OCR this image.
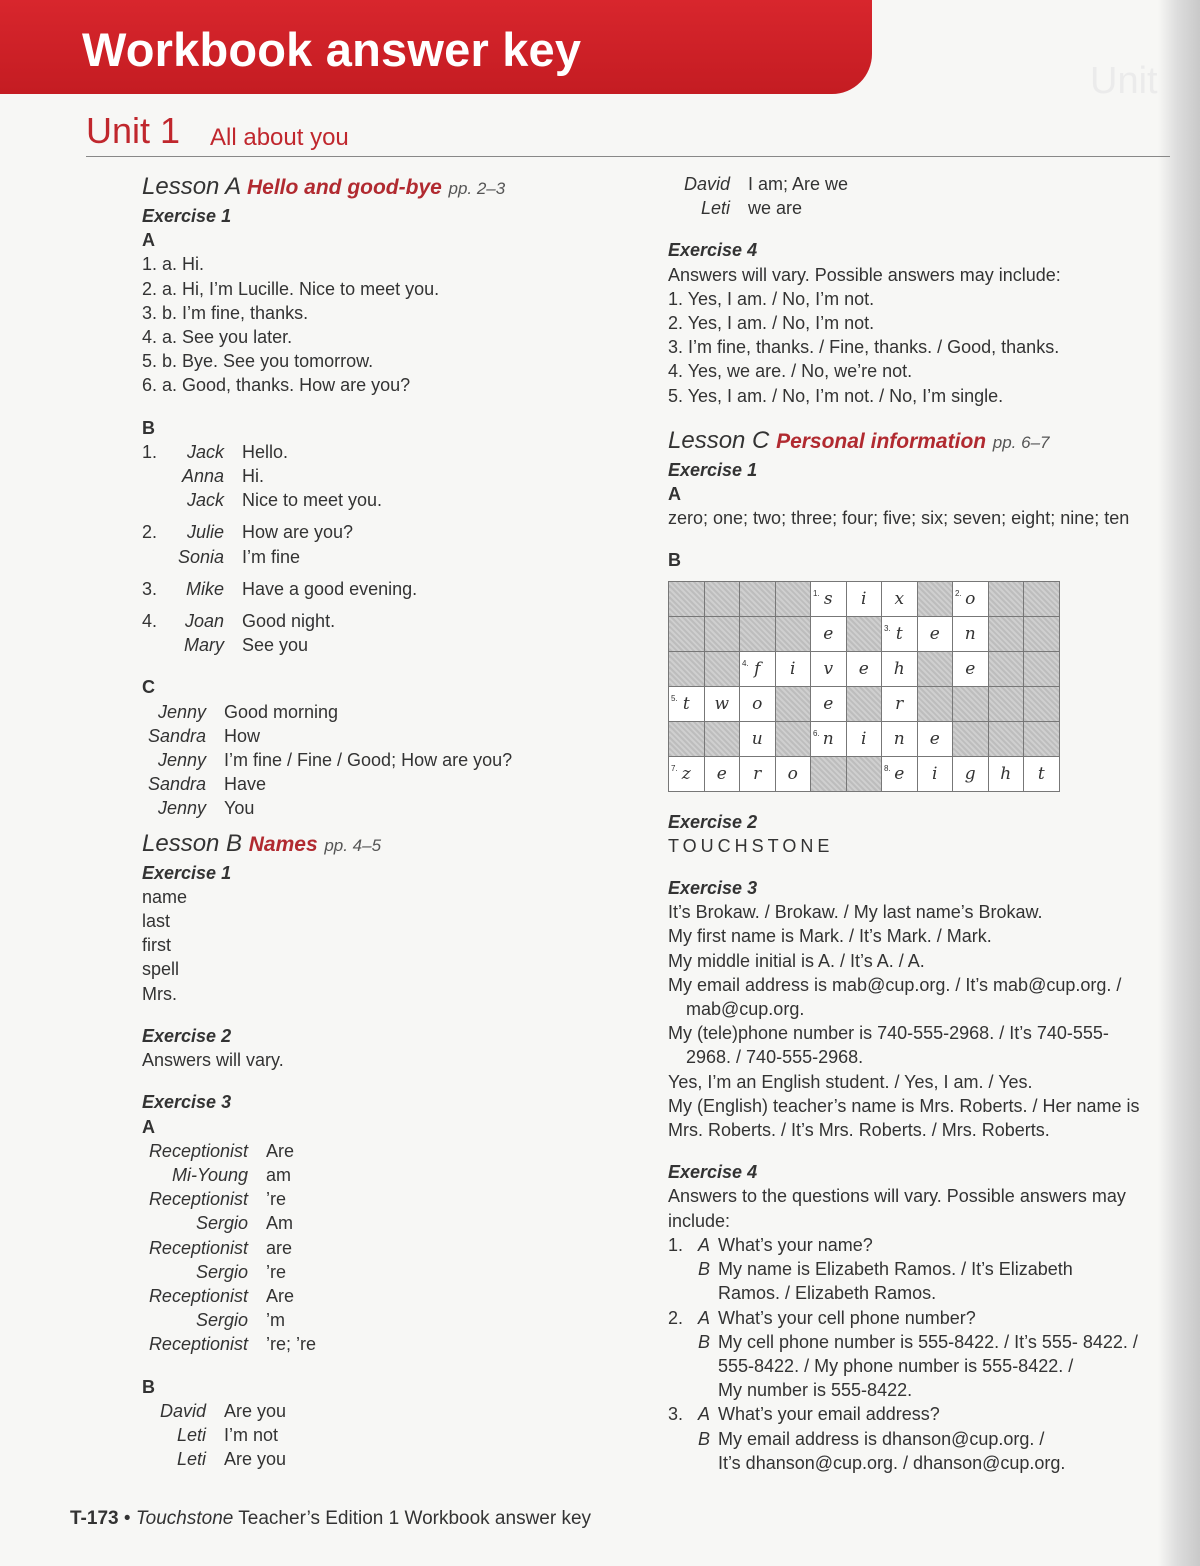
Workbook answer key
Unit
Unit 1 All about you
Lesson A Hello and good-bye pp. 2–3
Exercise 1
A
1. a. Hi.
2. a. Hi, I’m Lucille. Nice to meet you.
3. b. I’m fine, thanks.
4. a. See you later.
5. b. Bye. See you tomorrow.
6. a. Good, thanks. How are you?
B
1.	Jack	Hello.
Anna	Hi.
Jack	Nice to meet you.
2.	Julie	How are you?
Sonia	I’m fine
3.	Mike	Have a good evening.
4.	Joan	Good night.
Mary	See you
C
Jenny	Good morning
Sandra	How
Jenny	I’m fine / Fine / Good; How are you?
Sandra	Have
Jenny	You
Lesson B Names pp. 4–5
Exercise 1
name
last
first
spell
Mrs.
Exercise 2
Answers will vary.
Exercise 3
A
Receptionist	Are
Mi-Young	am
Receptionist	’re
Sergio	Am
Receptionist	are
Sergio	’re
Receptionist	Are
Sergio	’m
Receptionist	’re; ’re
B
David	Are you
Leti	I’m not
Leti	Are you
David	I am; Are we
Leti	we are
Exercise 4
Answers will vary. Possible answers may include:
1. Yes, I am. / No, I’m not.
2. Yes, I am. / No, I’m not.
3. I’m fine, thanks. / Fine, thanks. / Good, thanks.
4. Yes, we are. / No, we’re not.
5. Yes, I am. / No, I’m not. / No, I’m single.
Lesson C Personal information pp. 6–7
Exercise 1
A
zero; one; two; three; four; five; six; seven; eight; nine; ten
B

				1. s	i	x		2. o		
				e		3. t	e	n		

		4. f	i	v	e	h		e		

5. t	w	o		e		r				
		u		6. n	i	n	e			

7. z	e	r	o			8. e	i	g	h	t
Exercise 2
TOUCHSTONE
Exercise 3
It’s Brokaw. / Brokaw. / My last name’s Brokaw.
My first name is Mark. / It’s Mark. / Mark.
My middle initial is A. / It’s A. / A.
My email address is mab@cup.org. / It’s mab@cup.org. /
mab@cup.org.
My (tele)phone number is 740-555-2968. / It’s 740-555-
2968. / 740-555-2968.
Yes, I’m an English student. / Yes, I am. / Yes.
My (English) teacher’s name is Mrs. Roberts. / Her name is
Mrs. Roberts. / It’s Mrs. Roberts. / Mrs. Roberts.
Exercise 4
Answers to the questions will vary. Possible answers may
include:
1. A What’s your name?
B My name is Elizabeth Ramos. / It’s Elizabeth
Ramos. / Elizabeth Ramos.
2. A What’s your cell phone number?
B My cell phone number is 555-8422. / It’s 555- 8422. /
555-8422. / My phone number is 555-8422. /
My number is 555-8422.
3. A What’s your email address?
B My email address is dhanson@cup.org. /
It’s dhanson@cup.org. / dhanson@cup.org.
T-173 • Touchstone Teacher’s Edition 1 Workbook answer key
